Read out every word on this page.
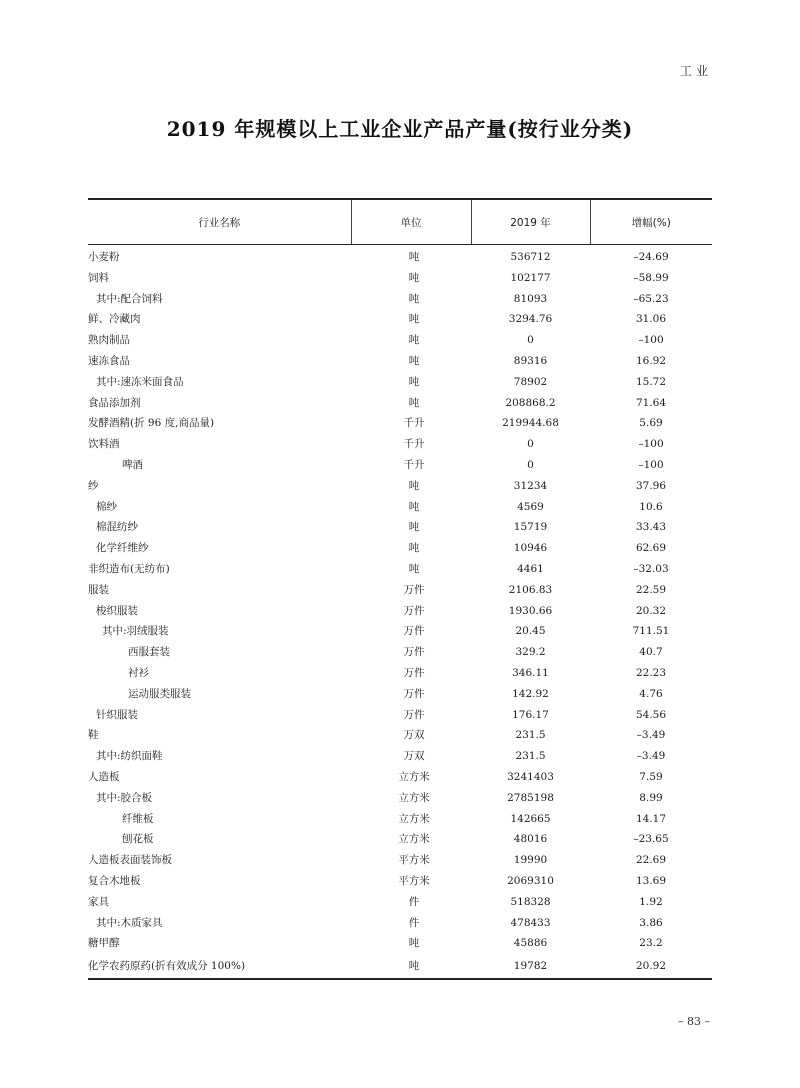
工业
2019 年规模以上工业企业产品产量(按行业分类)
行业名称	单位	2019 年	增幅(%)
小麦粉	吨	536712	–24.69
饲料	吨	102177	–58.99
其中:配合饲料	吨	81093	–65.23
鲜、冷藏肉	吨	3294.76	31.06
熟肉制品	吨	0	–100
速冻食品	吨	89316	16.92
其中:速冻米面食品	吨	78902	15.72
食品添加剂	吨	208868.2	71.64
发酵酒精(折 96 度,商品量)	千升	219944.68	5.69
饮料酒	千升	0	–100
啤酒	千升	0	–100
纱	吨	31234	37.96
棉纱	吨	4569	10.6
棉混纺纱	吨	15719	33.43
化学纤维纱	吨	10946	62.69
非织造布(无纺布)	吨	4461	–32.03
服装	万件	2106.83	22.59
梭织服装	万件	1930.66	20.32
其中:羽绒服装	万件	20.45	711.51
西服套装	万件	329.2	40.7
衬衫	万件	346.11	22.23
运动服类服装	万件	142.92	4.76
针织服装	万件	176.17	54.56
鞋	万双	231.5	–3.49
其中:纺织面鞋	万双	231.5	–3.49
人造板	立方米	3241403	7.59
其中:胶合板	立方米	2785198	8.99
纤维板	立方米	142665	14.17
刨花板	立方米	48016	–23.65
人造板表面装饰板	平方米	19990	22.69
复合木地板	平方米	2069310	13.69
家具	件	518328	1.92
其中:木质家具	件	478433	3.86
糖甲醇	吨	45886	23.2
化学农药原药(折有效成分 100%)	吨	19782	20.92
– 83 –
